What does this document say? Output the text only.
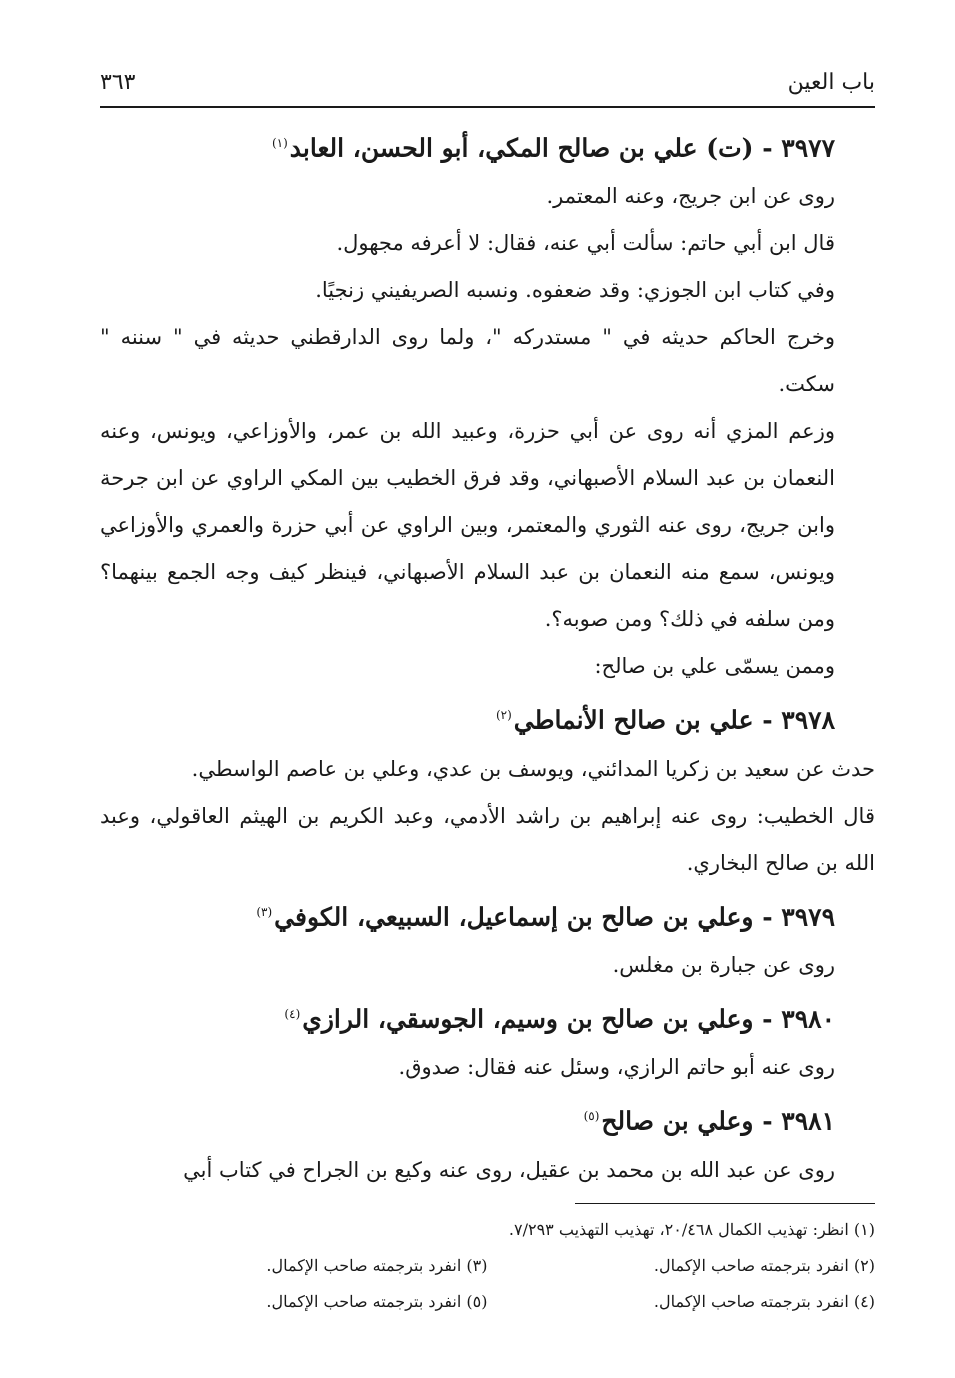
باب العين
٣٦٣

٣٩٧٧ - (ت) علي بن صالح المكي، أبو الحسن، العابد$^{(١)}$

روى عن ابن جريج، وعنه المعتمر.

قال ابن أبي حاتم: سألت أبي عنه، فقال: لا أعرفه مجهول.

وفي كتاب ابن الجوزي: وقد ضعفوه. ونسبه الصريفيني زنجيًا.

وخرج الحاكم حديثه في " مستدركه "، ولما روى الدارقطني حديثه في " سننه " سكت.

وزعم المزي أنه روى عن أبي حزرة، وعبيد الله بن عمر، والأوزاعي، ويونس، وعنه النعمان بن عبد السلام الأصبهاني، وقد فرق الخطيب بين المكي الراوي عن ابن جرحة وابن جريج، روى عنه الثوري والمعتمر، وبين الراوي عن أبي حزرة والعمري والأوزاعي ويونس، سمع منه النعمان بن عبد السلام الأصبهاني، فينظر كيف وجه الجمع بينهما؟ ومن سلفه في ذلك؟ ومن صوبه؟.

وممن يسمّى علي بن صالح:

٣٩٧٨ - علي بن صالح الأنماطي$^{(٢)}$

حدث عن سعيد بن زكريا المدائني، ويوسف بن عدي، وعلي بن عاصم الواسطي.

قال الخطيب: روى عنه إبراهيم بن راشد الأدمي، وعبد الكريم بن الهيثم العاقولي، وعبد الله بن صالح البخاري.

٣٩٧٩ - وعلي بن صالح بن إسماعيل، السبيعي، الكوفي$^{(٣)}$

روى عن جبارة بن مغلس.

٣٩٨٠ - وعلي بن صالح بن وسيم، الجوسقي، الرازي$^{(٤)}$

روى عنه أبو حاتم الرازي، وسئل عنه فقال: صدوق.

٣٩٨١ - وعلي بن صالح$^{(٥)}$

روى عن عبد الله بن محمد بن عقيل، روى عنه وكيع بن الجراح في كتاب أبي

(١) انظر: تهذيب الكمال ٢٠/٤٦٨، تهذيب التهذيب ٧/٢٩٣.
(٢) انفرد بترجمته صاحب الإكمال.
(٣) انفرد بترجمته صاحب الإكمال.
(٤) انفرد بترجمته صاحب الإكمال.
(٥) انفرد بترجمته صاحب الإكمال.
